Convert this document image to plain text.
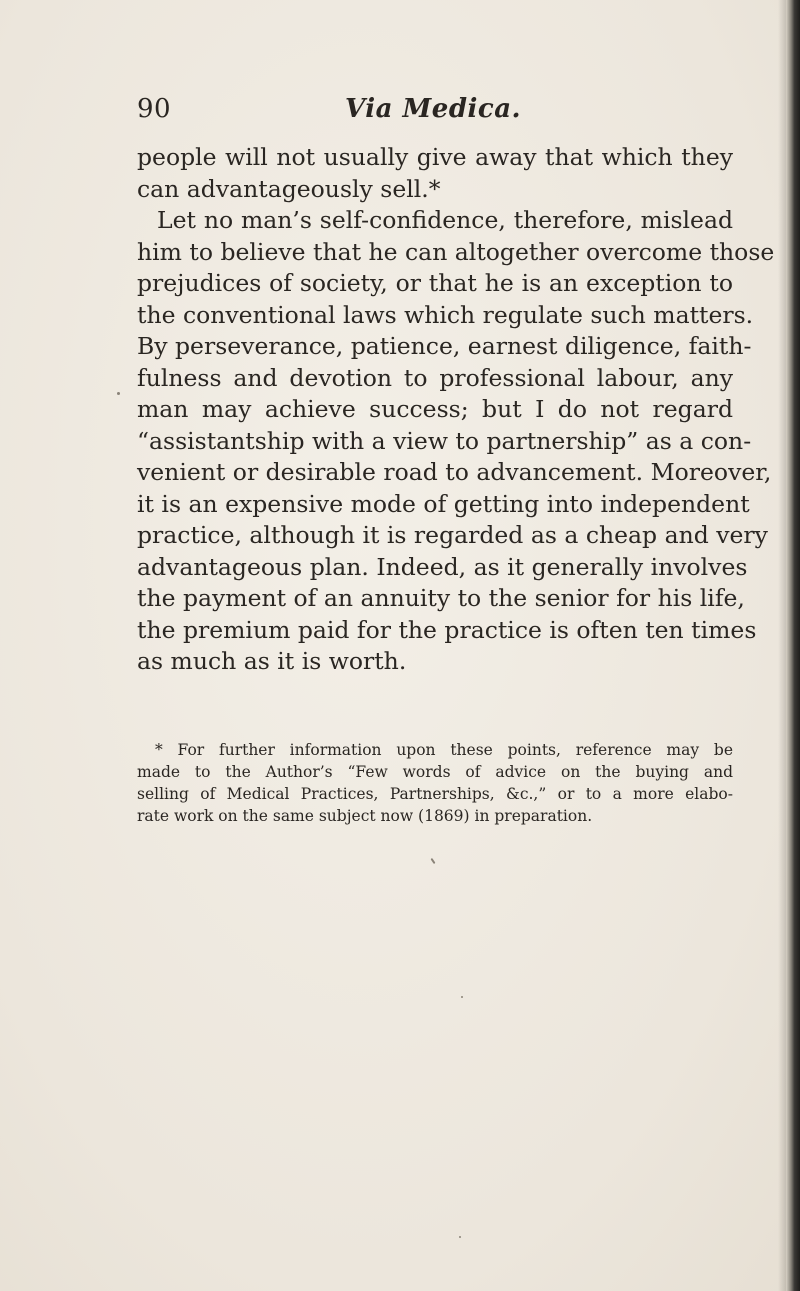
90	Via Medica.
people will not usually give away that which they
can advantageously sell.*
Let no man’s self-confidence, therefore, mislead
him to believe that he can altogether overcome those
prejudices of society, or that he is an exception to
the conventional laws which regulate such matters.
By perseverance, patience, earnest diligence, faith-
fulness and devotion to professional labour, any
man may achieve success; but I do not regard
“assistantship with a view to partnership” as a con-
venient or desirable road to advancement. Moreover,
it is an expensive mode of getting into independent
practice, although it is regarded as a cheap and very
advantageous plan. Indeed, as it generally involves
the payment of an annuity to the senior for his life,
the premium paid for the practice is often ten times
as much as it is worth.
* For further information upon these points, reference may be
made to the Author’s “Few words of advice on the buying and
selling of Medical Practices, Partnerships, &c.,” or to a more elabo-
rate work on the same subject now (1869) in preparation.
